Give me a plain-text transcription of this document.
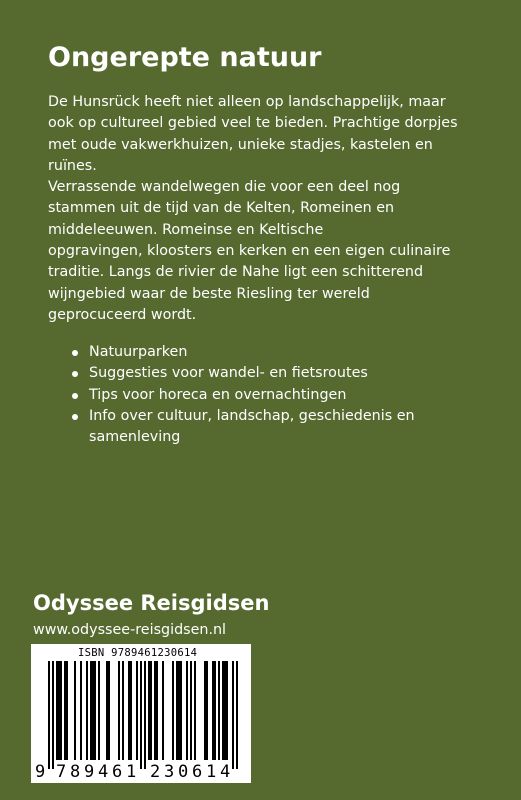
Ongerepte natuur

De Hunsrück heeft niet alleen op landschappelijk, maar

ook op cultureel gebied veel te bieden. Prachtige dorpjes

met oude vakwerkhuizen, unieke stadjes, kastelen en

ruïnes.

Verrassende wandelwegen die voor een deel nog

stammen uit de tijd van de Kelten, Romeinen en

middeleeuwen. Romeinse en Keltische

opgravingen, kloosters en kerken en een eigen culinaire

traditie. Langs de rivier de Nahe ligt een schitterend

wijngebied waar de beste Riesling ter wereld

geprocuceerd wordt.

Natuurparken
Suggesties voor wandel- en fietsroutes
Tips voor horeca en overnachtingen
Info over cultuur, landschap, geschiedenis en samenleving
Odyssee Reisgidsen
www.odyssee-reisgidsen.nl
ISBN 9789461230614
9 7 8 9 4 6 1 2 3 0 6 1 4
